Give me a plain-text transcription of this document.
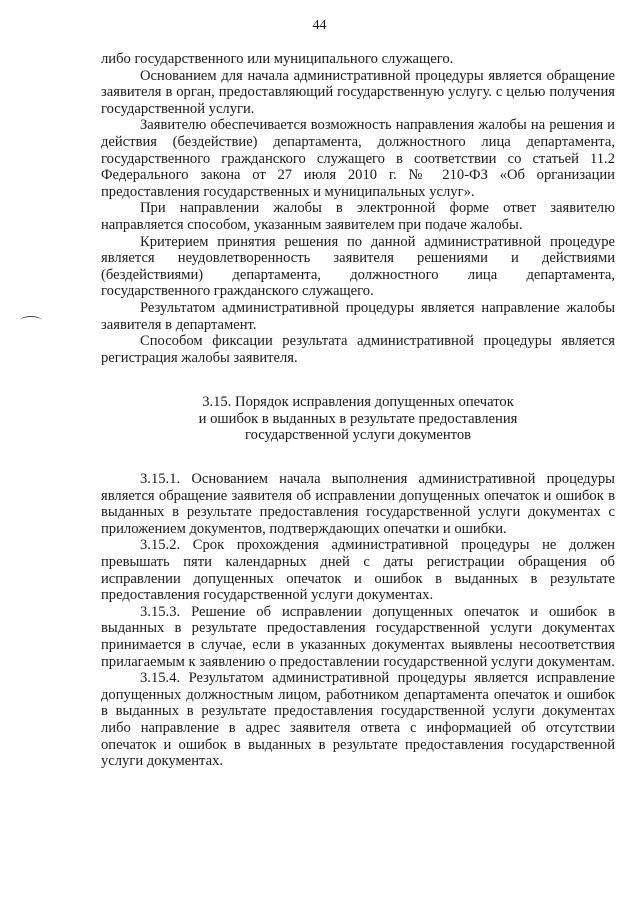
44

либо государственного или муниципального служащего.

Основанием для начала административной процедуры является обращение заявителя в орган, предоставляющий государственную услугу. с целью получения государственной услуги.

Заявителю обеспечивается возможность направления жалобы на решения и действия (бездействие) департамента, должностного лица департамента, государственного гражданского служащего в соответствии со статьей 11.2 Федерального закона от 27 июля 2010 г. № 210-ФЗ «Об организации предоставления государственных и муниципальных услуг».

При направлении жалобы в электронной форме ответ заявителю направляется способом, указанным заявителем при подаче жалобы.

Критерием принятия решения по данной административной процедуре является неудовлетворенность заявителя решениями и действиями (бездействиями) департамента, должностного лица департамента, государственного гражданского служащего.

Результатом административной процедуры является направление жалобы заявителя в департамент.

Способом фиксации результата административной процедуры является регистрация жалобы заявителя.

3.15. Порядок исправления допущенных опечаток
и ошибок в выданных в результате предоставления
государственной услуги документов

3.15.1. Основанием начала выполнения административной процедуры является обращение заявителя об исправлении допущенных опечаток и ошибок в выданных в результате предоставления государственной услуги документах с приложением документов, подтверждающих опечатки и ошибки.

3.15.2. Срок прохождения административной процедуры не должен превышать пяти календарных дней с даты регистрации обращения об исправлении допущенных опечаток и ошибок в выданных в результате предоставления государственной услуги документах.

3.15.3. Решение об исправлении допущенных опечаток и ошибок в выданных в результате предоставления государственной услуги документах принимается в случае, если в указанных документах выявлены несоответствия прилагаемым к заявлению о предоставлении государственной услуги документам.

3.15.4. Результатом административной процедуры является исправление допущенных должностным лицом, работником департамента опечаток и ошибок в выданных в результате предоставления государственной услуги документах либо направление в адрес заявителя ответа с информацией об отсутствии опечаток и ошибок в выданных в результате предоставления государственной услуги документах.
